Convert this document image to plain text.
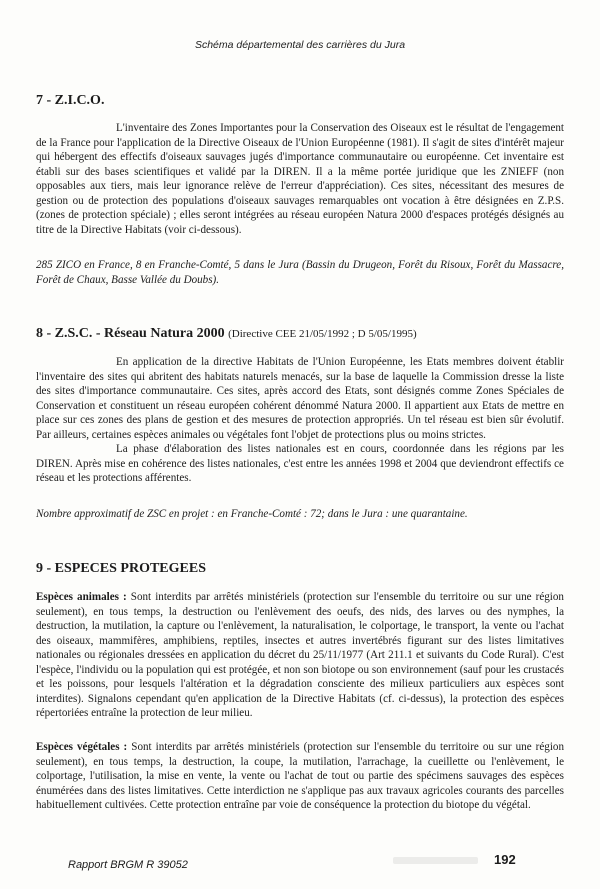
Schéma départemental des carrières du Jura
7 - Z.I.C.O.

L'inventaire des Zones Importantes pour la Conservation des Oiseaux est le résultat de l'engagement de la France pour l'application de la Directive Oiseaux de l'Union Européenne (1981). Il s'agit de sites d'intérêt majeur qui hébergent des effectifs d'oiseaux sauvages jugés d'importance communautaire ou européenne. Cet inventaire est établi sur des bases scientifiques et validé par la DIREN. Il a la même portée juridique que les ZNIEFF (non opposables aux tiers, mais leur ignorance relève de l'erreur d'appréciation). Ces sites, nécessitant des mesures de gestion ou de protection des populations d'oiseaux sauvages remarquables ont vocation à être désignées en Z.P.S. (zones de protection spéciale) ; elles seront intégrées au réseau européen Natura 2000 d'espaces protégés désignés au titre de la Directive Habitats (voir ci-dessous).

285 ZICO en France, 8 en Franche-Comté, 5 dans le Jura (Bassin du Drugeon, Forêt du Risoux, Forêt du Massacre, Forêt de Chaux, Basse Vallée du Doubs).
8 - Z.S.C. - Réseau Natura 2000 (Directive CEE 21/05/1992 ; D 5/05/1995)

En application de la directive Habitats de l'Union Européenne, les Etats membres doivent établir l'inventaire des sites qui abritent des habitats naturels menacés, sur la base de laquelle la Commission dresse la liste des sites d'importance communautaire. Ces sites, après accord des Etats, sont désignés comme Zones Spéciales de Conservation et constituent un réseau européen cohérent dénommé Natura 2000. Il appartient aux Etats de mettre en place sur ces zones des plans de gestion et des mesures de protection appropriés. Un tel réseau est bien sûr évolutif. Par ailleurs, certaines espèces animales ou végétales font l'objet de protections plus ou moins strictes.

La phase d'élaboration des listes nationales est en cours, coordonnée dans les régions par les DIREN. Après mise en cohérence des listes nationales, c'est entre les années 1998 et 2004 que deviendront effectifs ce réseau et les protections afférentes.

Nombre approximatif de ZSC en projet : en Franche-Comté : 72; dans le Jura : une quarantaine.
9 - ESPECES PROTEGEES

Espèces animales : Sont interdits par arrêtés ministériels (protection sur l'ensemble du territoire ou sur une région seulement), en tous temps, la destruction ou l'enlèvement des oeufs, des nids, des larves ou des nymphes, la destruction, la mutilation, la capture ou l'enlèvement, la naturalisation, le colportage, le transport, la vente ou l'achat des oiseaux, mammifères, amphibiens, reptiles, insectes et autres invertébrés figurant sur des listes limitatives nationales ou régionales dressées en application du décret du 25/11/1977 (Art 211.1 et suivants du Code Rural). C'est l'espèce, l'individu ou la population qui est protégée, et non son biotope ou son environnement (sauf pour les crustacés et les poissons, pour lesquels l'altération et la dégradation consciente des milieux particuliers aux espèces sont interdites). Signalons cependant qu'en application de la Directive Habitats (cf. ci-dessus), la protection des espèces répertoriées entraîne la protection de leur milieu.

Espèces végétales : Sont interdits par arrêtés ministériels (protection sur l'ensemble du territoire ou sur une région seulement), en tous temps, la destruction, la coupe, la mutilation, l'arrachage, la cueillette ou l'enlèvement, le colportage, l'utilisation, la mise en vente, la vente ou l'achat de tout ou partie des spécimens sauvages des espèces énumérées dans des listes limitatives. Cette interdiction ne s'applique pas aux travaux agricoles courants des parcelles habituellement cultivées. Cette protection entraîne par voie de conséquence la protection du biotope du végétal.

Rapport BRGM R 39052	192
